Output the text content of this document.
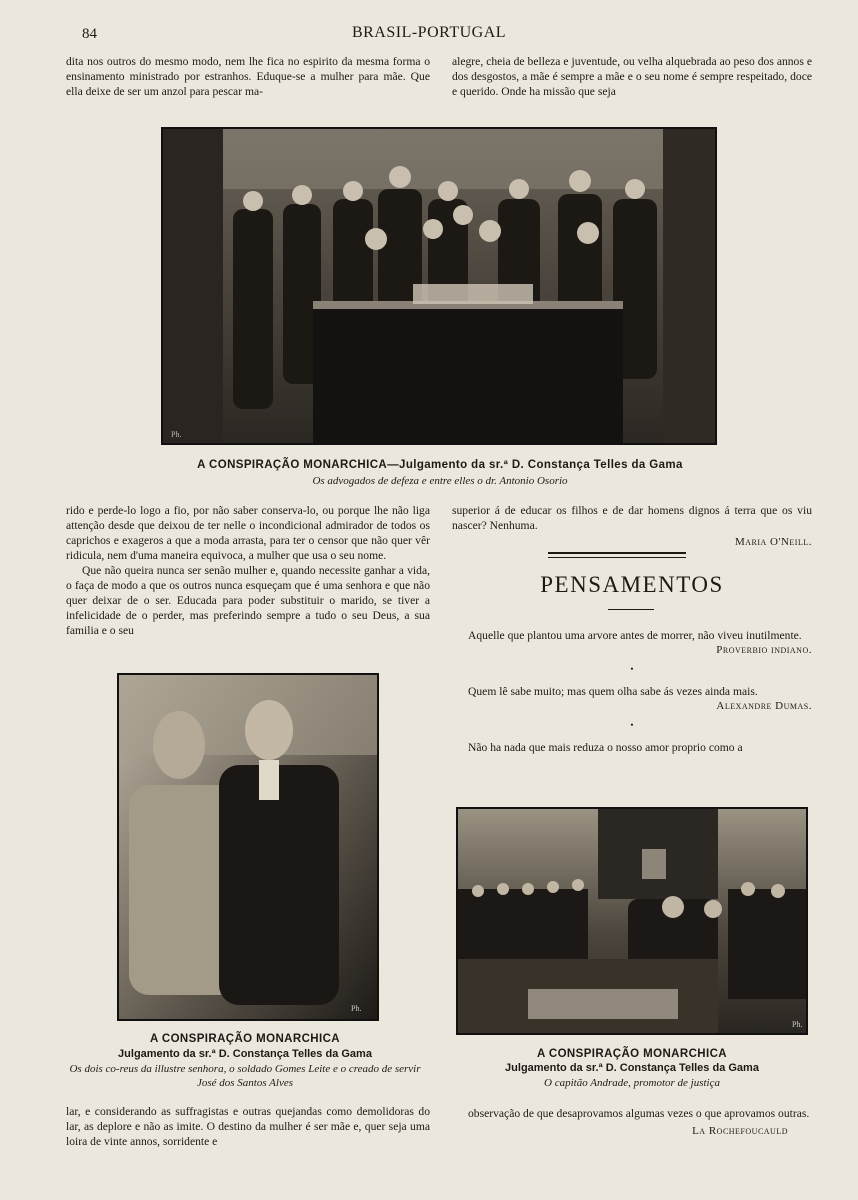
84	BRASIL-PORTUGAL

dita nos outros do mesmo modo, nem lhe fica no espirito da mesma forma o ensinamento ministrado por estranhos. Eduque-se a mulher para mãe. Que ella deixe de ser um anzol para pescar ma-

alegre, cheia de belleza e juventude, ou velha alquebrada ao peso dos annos e dos desgostos, a mãe é sempre a mãe e o seu nome é sempre respeitado, doce e querido. Onde ha missão que seja

Ph.
A CONSPIRAÇÃO MONARCHICA—Julgamento da sr.ª D. Constança Telles da Gama
Os advogados de defeza e entre elles o dr. Antonio Osorio

rido e perde-lo logo a fio, por não saber conserva-lo, ou porque lhe não liga attenção desde que deixou de ter nelle o incondicional admirador de todos os caprichos e exageros a que a moda arrasta, para ter o censor que não quer vêr ridicula, nem d'uma maneira equivoca, a mulher que usa o seu nome.

Que não queira nunca ser senão mulher e, quando necessite ganhar a vida, o faça de modo a que os outros nunca esqueçam que é uma senhora e que não quer deixar de o ser. Educada para poder substituir o marido, se tiver a infelicidade de o perder, mas preferindo sempre a tudo o seu Deus, a sua familia e o seu

superior á de educar os filhos e de dar homens dignos á terra que os viu nascer? Nenhuma.

Maria O'Neill.

PENSAMENTOS

Aquelle que plantou uma arvore antes de morrer, não viveu inutilmente.

Proverbio indiano.

•

Quem lê sabe muito; mas quem olha sabe ás vezes ainda mais.

Alexandre Dumas.

•

Não ha nada que mais reduza o nosso amor proprio como a

Ph.
A CONSPIRAÇÃO MONARCHICA
Julgamento da sr.ª D. Constança Telles da Gama
Os dois co-reus da illustre senhora, o soldado Gomes Leite e o creado de servir José dos Santos Alves
Ph.
A CONSPIRAÇÃO MONARCHICA
Julgamento da sr.ª D. Constança Telles da Gama
O capitão Andrade, promotor de justiça

lar, e considerando as suffragistas e outras quejandas como demolidoras do lar, as deplore e não as imite. O destino da mulher é ser mãe e, quer seja uma loira de vinte annos, sorridente e

observação de que desaprovamos algumas vezes o que aprovamos outras.

La Rochefoucauld
